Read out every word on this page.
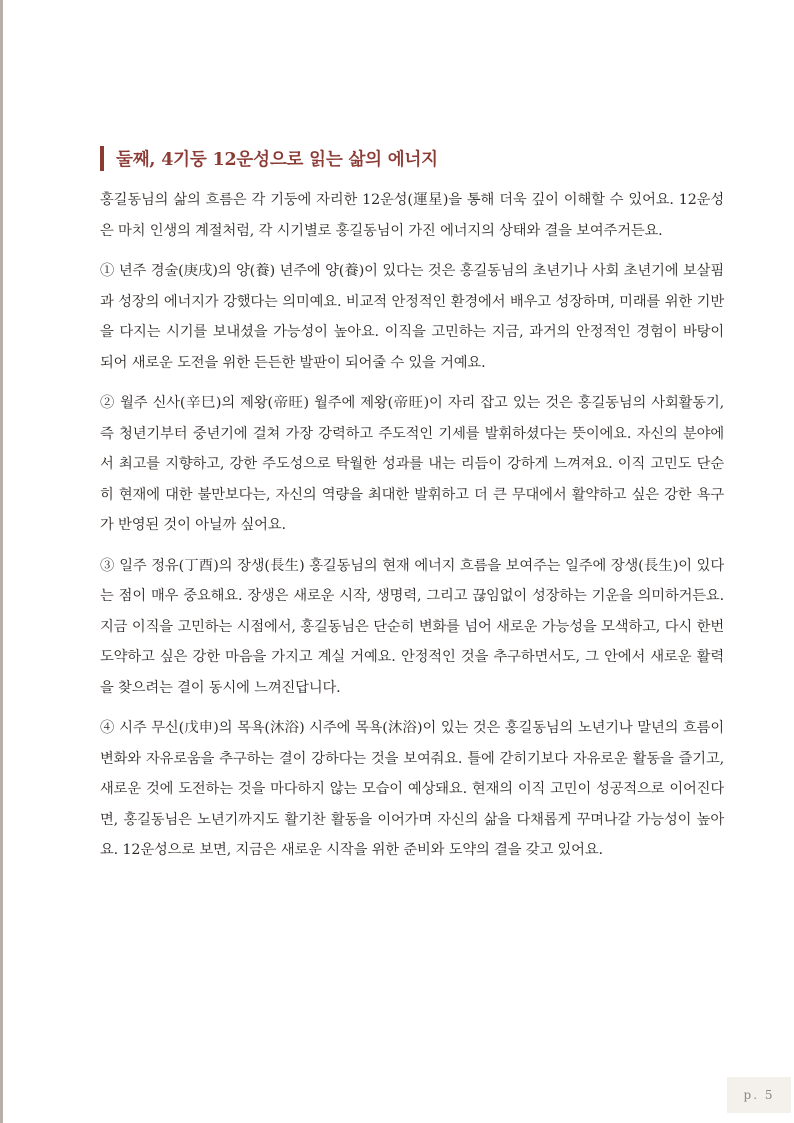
둘째, 4기둥 12운성으로 읽는 삶의 에너지

홍길동님의 삶의 흐름은 각 기둥에 자리한 12운성(運星)을 통해 더욱 깊이 이해할 수 있어요. 12운성은 마치 인생의 계절처럼, 각 시기별로 홍길동님이 가진 에너지의 상태와 결을 보여주거든요.

① 년주 경술(庚戌)의 양(養) 년주에 양(養)이 있다는 것은 홍길동님의 초년기나 사회 초년기에 보살핌과 성장의 에너지가 강했다는 의미예요. 비교적 안정적인 환경에서 배우고 성장하며, 미래를 위한 기반을 다지는 시기를 보내셨을 가능성이 높아요. 이직을 고민하는 지금, 과거의 안정적인 경험이 바탕이 되어 새로운 도전을 위한 든든한 발판이 되어줄 수 있을 거예요.

② 월주 신사(辛巳)의 제왕(帝旺) 월주에 제왕(帝旺)이 자리 잡고 있는 것은 홍길동님의 사회활동기, 즉 청년기부터 중년기에 걸쳐 가장 강력하고 주도적인 기세를 발휘하셨다는 뜻이에요. 자신의 분야에서 최고를 지향하고, 강한 주도성으로 탁월한 성과를 내는 리듬이 강하게 느껴져요. 이직 고민도 단순히 현재에 대한 불만보다는, 자신의 역량을 최대한 발휘하고 더 큰 무대에서 활약하고 싶은 강한 욕구가 반영된 것이 아닐까 싶어요.

③ 일주 정유(丁酉)의 장생(長生) 홍길동님의 현재 에너지 흐름을 보여주는 일주에 장생(長生)이 있다는 점이 매우 중요해요. 장생은 새로운 시작, 생명력, 그리고 끊임없이 성장하는 기운을 의미하거든요. 지금 이직을 고민하는 시점에서, 홍길동님은 단순히 변화를 넘어 새로운 가능성을 모색하고, 다시 한번 도약하고 싶은 강한 마음을 가지고 계실 거예요. 안정적인 것을 추구하면서도, 그 안에서 새로운 활력을 찾으려는 결이 동시에 느껴진답니다.

④ 시주 무신(戊申)의 목욕(沐浴) 시주에 목욕(沐浴)이 있는 것은 홍길동님의 노년기나 말년의 흐름이 변화와 자유로움을 추구하는 결이 강하다는 것을 보여줘요. 틀에 갇히기보다 자유로운 활동을 즐기고, 새로운 것에 도전하는 것을 마다하지 않는 모습이 예상돼요. 현재의 이직 고민이 성공적으로 이어진다면, 홍길동님은 노년기까지도 활기찬 활동을 이어가며 자신의 삶을 다채롭게 꾸며나갈 가능성이 높아요. 12운성으로 보면, 지금은 새로운 시작을 위한 준비와 도약의 결을 갖고 있어요.

p. 5
